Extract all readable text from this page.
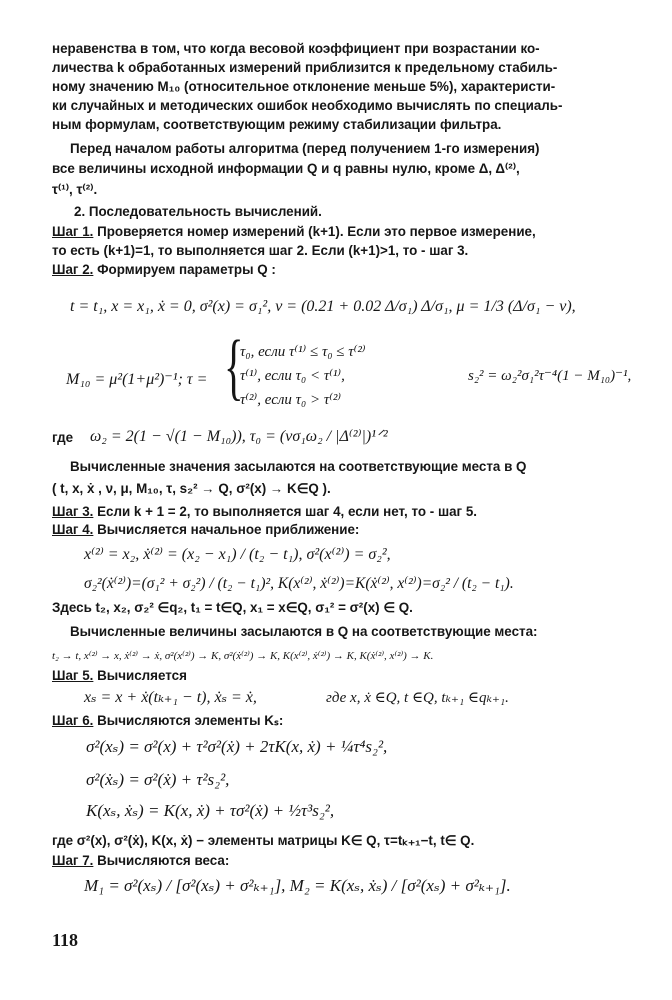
неравенства в том, что когда весовой коэффициент при возрастании ко-
личества k обработанных измерений приблизится к предельному стабиль-
ному значению M₁₀ (относительное отклонение меньше 5%), характеристи-
ки случайных и методических ошибок необходимо вычислять по специаль-
ным формулам, соответствующим режиму стабилизации фильтра.
Перед началом работы алгоритма (перед получением 1-го измерения)
все величины исходной информации Q и q равны нулю, кроме Δ, Δ⁽²⁾,
τ⁽¹⁾, τ⁽²⁾.
2. Последовательность вычислений.
Шаг 1. Проверяется номер измерений (k+1). Если это первое измерение,
то есть (k+1)=1, то выполняется шаг 2. Если (k+1)>1, то - шаг 3.
Шаг 2. Формируем параметры Q :
t = t₁, x = x₁, ẋ = 0, σ²(x) = σ₁², ν = (0.21 + 0.02 Δ/σ₁) Δ/σ₁, μ = 1/3 (Δ/σ₁ − ν),
M₁₀ = μ²(1+μ²)⁻¹; τ = {
τ₀, если τ⁽¹⁾ ≤ τ₀ ≤ τ⁽²⁾
τ⁽¹⁾, если τ₀ < τ⁽¹⁾,
τ⁽²⁾, если τ₀ > τ⁽²⁾
s₂² = ω₂²σ₁²τ⁻⁴(1 − M₁₀)⁻¹,
где ω₂ = 2(1 − √(1 − M₁₀)), τ₀ = (νσ₁ω₂ / |Δ⁽²⁾|)¹ᐟ²
Вычисленные значения засылаются на соответствующие места в Q
( t, x, ẋ , ν, μ, M₁₀, τ, s₂² → Q, σ²(x) → K∈Q ).
Шаг 3. Если k + 1 = 2, то выполняется шаг 4, если нет, то - шаг 5.
Шаг 4. Вычисляется начальное приближение:
x⁽²⁾ = x₂, ẋ⁽²⁾ = (x₂ − x₁) / (t₂ − t₁), σ²(x⁽²⁾) = σ₂²,
σ₂²(ẋ⁽²⁾)=(σ₁² + σ₂²) / (t₂ − t₁)², K(x⁽²⁾, ẋ⁽²⁾)=K(ẋ⁽²⁾, x⁽²⁾)=σ₂² / (t₂ − t₁).
Здесь t₂, x₂, σ₂² ∈q₂, t₁ = t∈Q, x₁ = x∈Q, σ₁² = σ²(x) ∈ Q.
Вычисленные величины засылаются в Q на соответствующие места:
t₂ → t, x⁽²⁾ → x, ẋ⁽²⁾ → ẋ, σ²(x⁽²⁾) → K, σ²(ẋ⁽²⁾) → K, K(x⁽²⁾, ẋ⁽²⁾) → K, K(ẋ⁽²⁾, x⁽²⁾) → K.
Шаг 5. Вычисляется
xₛ = x + ẋ(tₖ₊₁ − t), ẋₛ = ẋ,	где x, ẋ ∈Q, t ∈Q, tₖ₊₁ ∈qₖ₊₁.
Шаг 6. Вычисляются элементы Kₛ:
σ²(xₛ) = σ²(x) + τ²σ²(ẋ) + 2τK(x, ẋ) + ¼τ⁴s₂²,
σ²(ẋₛ) = σ²(ẋ) + τ²s₂²,
K(xₛ, ẋₛ) = K(x, ẋ) + τσ²(ẋ) + ½τ³s₂²,
где σ²(x), σ²(ẋ), K(x, ẋ) − элементы матрицы K∈ Q, τ=tₖ₊₁−t, t∈ Q.
Шаг 7. Вычисляются веса:
M₁ = σ²(xₛ) / [σ²(xₛ) + σ²ₖ₊₁], M₂ = K(xₛ, ẋₛ) / [σ²(xₛ) + σ²ₖ₊₁].
118
